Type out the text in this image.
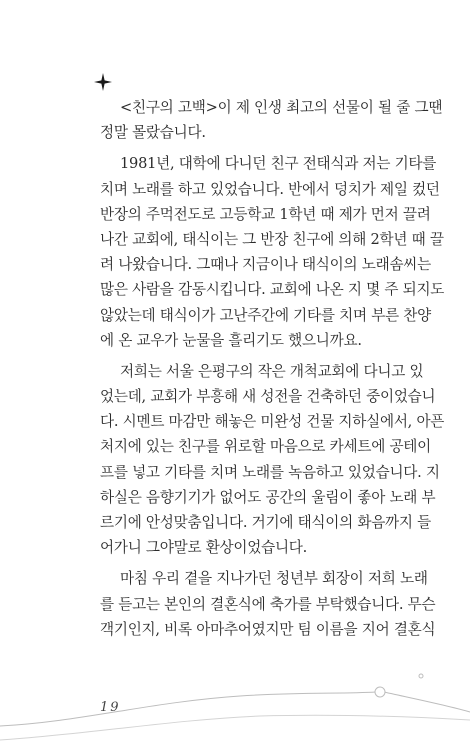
<친구의 고백>이 제 인생 최고의 선물이 될 줄 그땐
정말 몰랐습니다.
1981년, 대학에 다니던 친구 전태식과 저는 기타를
치며 노래를 하고 있었습니다. 반에서 덩치가 제일 컸던
반장의 주먹전도로 고등학교 1학년 때 제가 먼저 끌려
나간 교회에, 태식이는 그 반장 친구에 의해 2학년 때 끌
려 나왔습니다. 그때나 지금이나 태식이의 노래솜씨는
많은 사람을 감동시킵니다. 교회에 나온 지 몇 주 되지도
않았는데 태식이가 고난주간에 기타를 치며 부른 찬양
에 온 교우가 눈물을 흘리기도 했으니까요.
저희는 서울 은평구의 작은 개척교회에 다니고 있
었는데, 교회가 부흥해 새 성전을 건축하던 중이었습니
다. 시멘트 마감만 해놓은 미완성 건물 지하실에서, 아픈
처지에 있는 친구를 위로할 마음으로 카세트에 공테이
프를 넣고 기타를 치며 노래를 녹음하고 있었습니다. 지
하실은 음향기기가 없어도 공간의 울림이 좋아 노래 부
르기에 안성맞춤입니다. 거기에 태식이의 화음까지 들
어가니 그야말로 환상이었습니다.
마침 우리 곁을 지나가던 청년부 회장이 저희 노래
를 듣고는 본인의 결혼식에 축가를 부탁했습니다. 무슨
객기인지, 비록 아마추어였지만 팀 이름을 지어 결혼식
19
